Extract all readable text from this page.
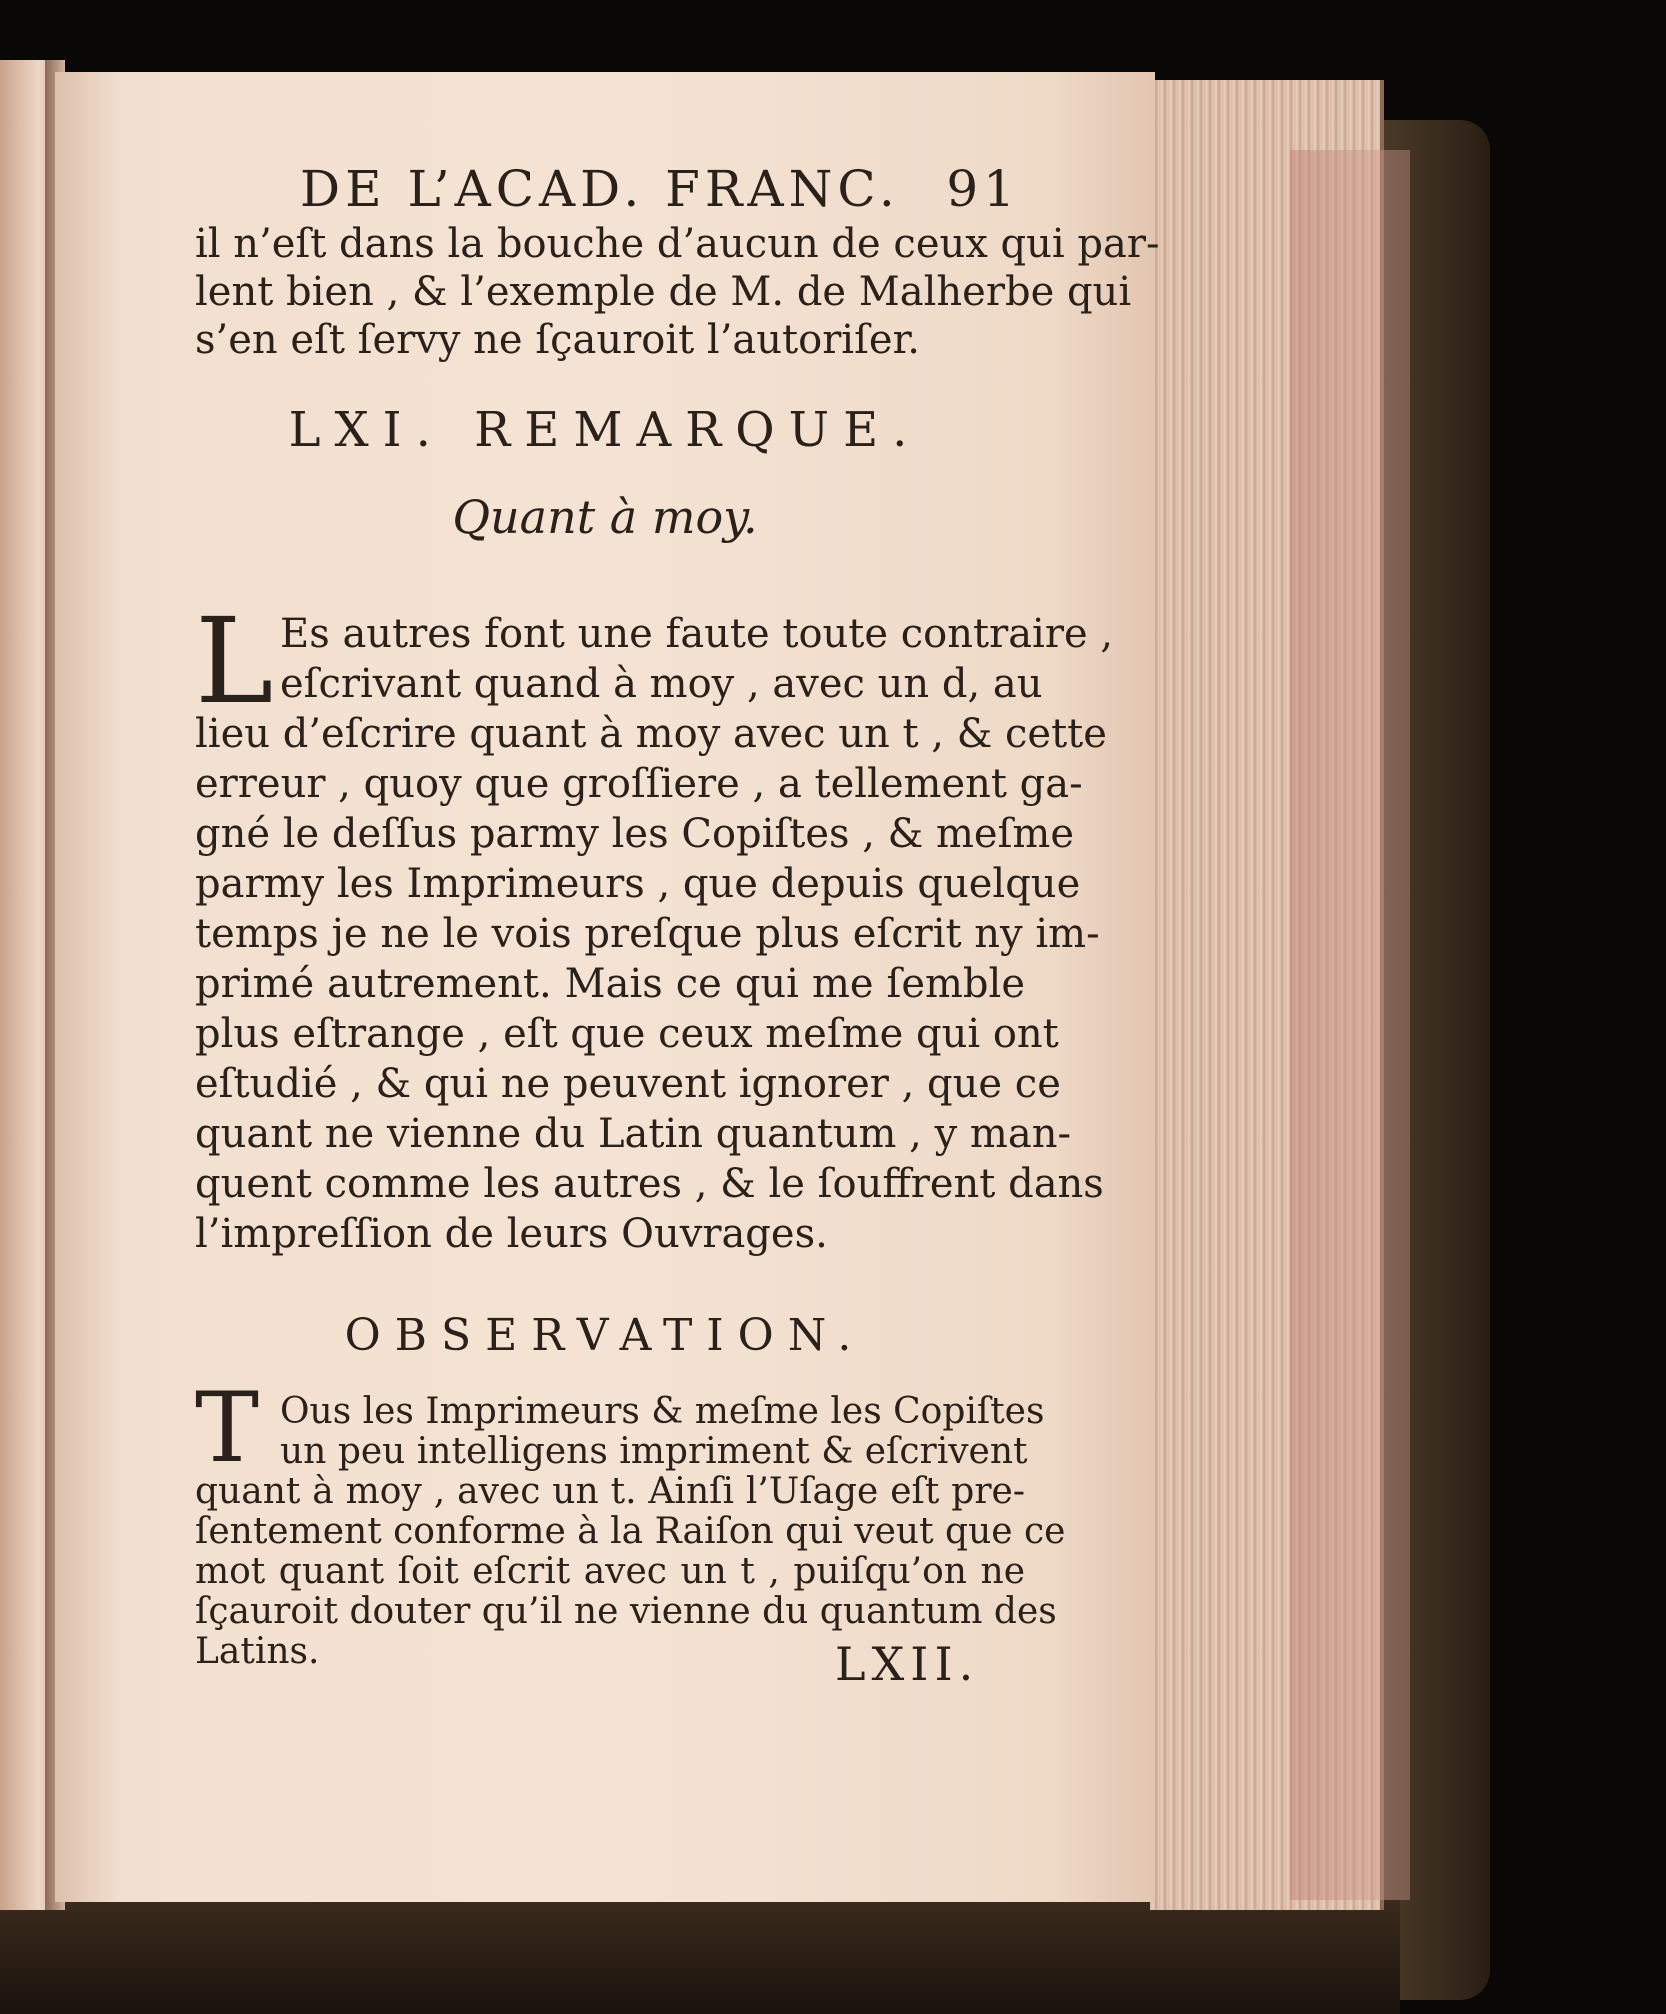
DE L’ACAD. FRANC. 91
il n’eſt dans la bouche d’aucun de ceux qui par-
lent bien , & l’exemple de M. de Malherbe qui
s’en eſt ſervy ne ſçauroit l’autoriſer.
LXI. REMARQUE.
Quant à moy.
L Es autres font une faute toute contraire ,
eſcrivant quand à moy , avec un d, au
lieu d’eſcrire quant à moy avec un t , & cette
erreur , quoy que groſſiere , a tellement ga-
gné le deſſus parmy les Copiſtes , & meſme
parmy les Imprimeurs , que depuis quelque
temps je ne le vois preſque plus eſcrit ny im-
primé autrement. Mais ce qui me ſemble
plus eſtrange , eſt que ceux meſme qui ont
eſtudié , & qui ne peuvent ignorer , que ce
quant ne vienne du Latin quantum , y man-
quent comme les autres , & le ſouffrent dans
l’impreſſion de leurs Ouvrages.
OBSERVATION.
T Ous les Imprimeurs & meſme les Copiſtes
un peu intelligens impriment & eſcrivent
quant à moy , avec un t. Ainſi l’Uſage eſt pre-
ſentement conforme à la Raiſon qui veut que ce
mot quant ſoit eſcrit avec un t , puiſqu’on ne
ſçauroit douter qu’il ne vienne du quantum des
Latins.	LXII.
